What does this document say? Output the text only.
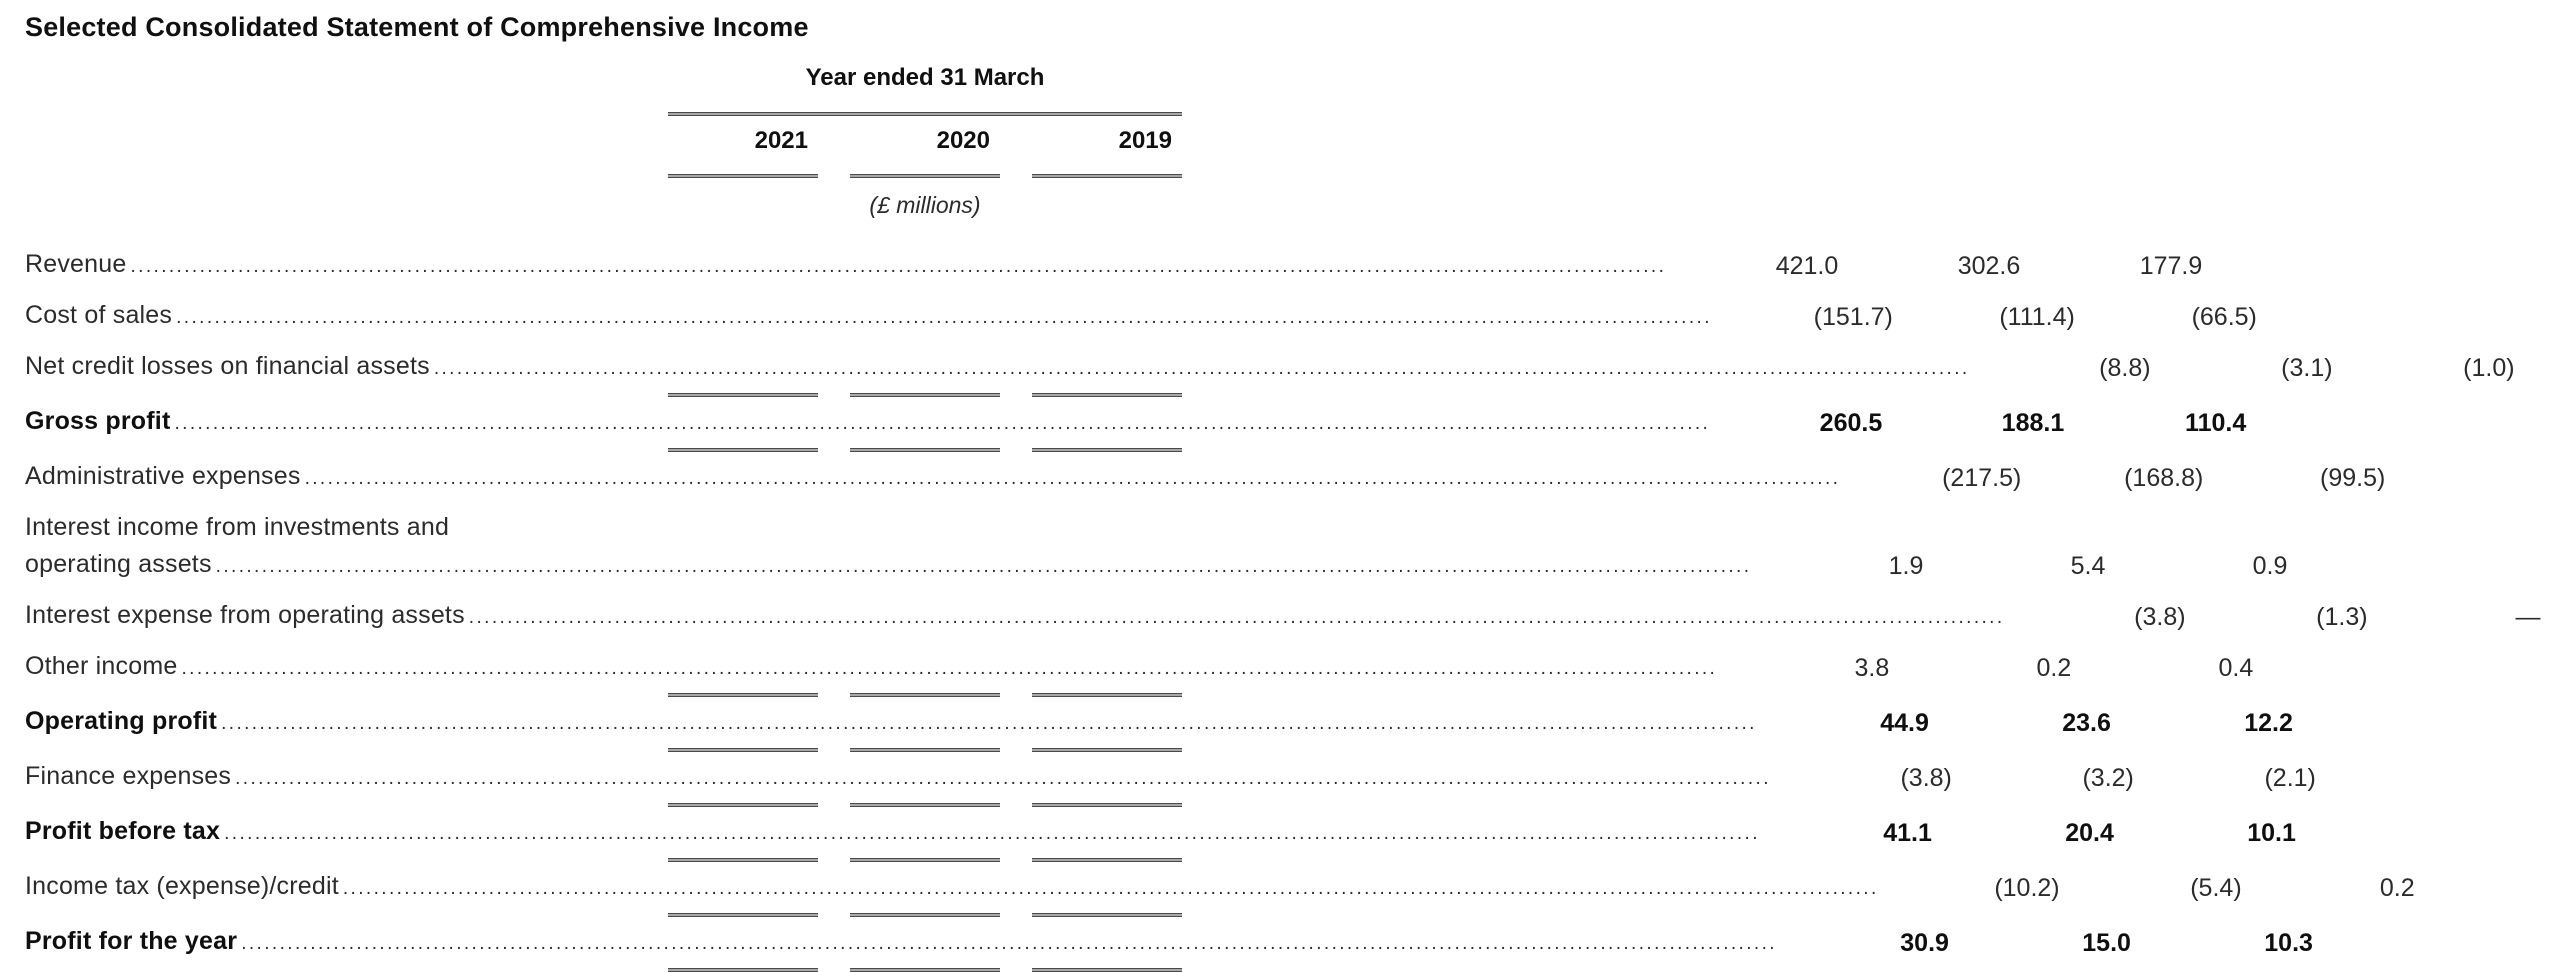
Selected Consolidated Statement of Comprehensive Income
Year ended 31 March
2021	2020	2019
(£ millions)
Revenue .....	421.0	302.6	177.9
Cost of sales .....	(151.7)	(111.4)	(66.5)
Net credit losses on financial assets .....	(8.8)	(3.1)	(1.0)
Gross profit .....	260.5	188.1	110.4
Administrative expenses .....	(217.5)	(168.8)	(99.5)
Interest income from investments and
operating assets .....	1.9	5.4	0.9
Interest expense from operating assets .....	(3.8)	(1.3)	—
Other income .....	3.8	0.2	0.4
Operating profit .....	44.9	23.6	12.2
Finance expenses .....	(3.8)	(3.2)	(2.1)
Profit before tax .....	41.1	20.4	10.1
Income tax (expense)/credit .....	(10.2)	(5.4)	0.2
Profit for the year .....	30.9	15.0	10.3
